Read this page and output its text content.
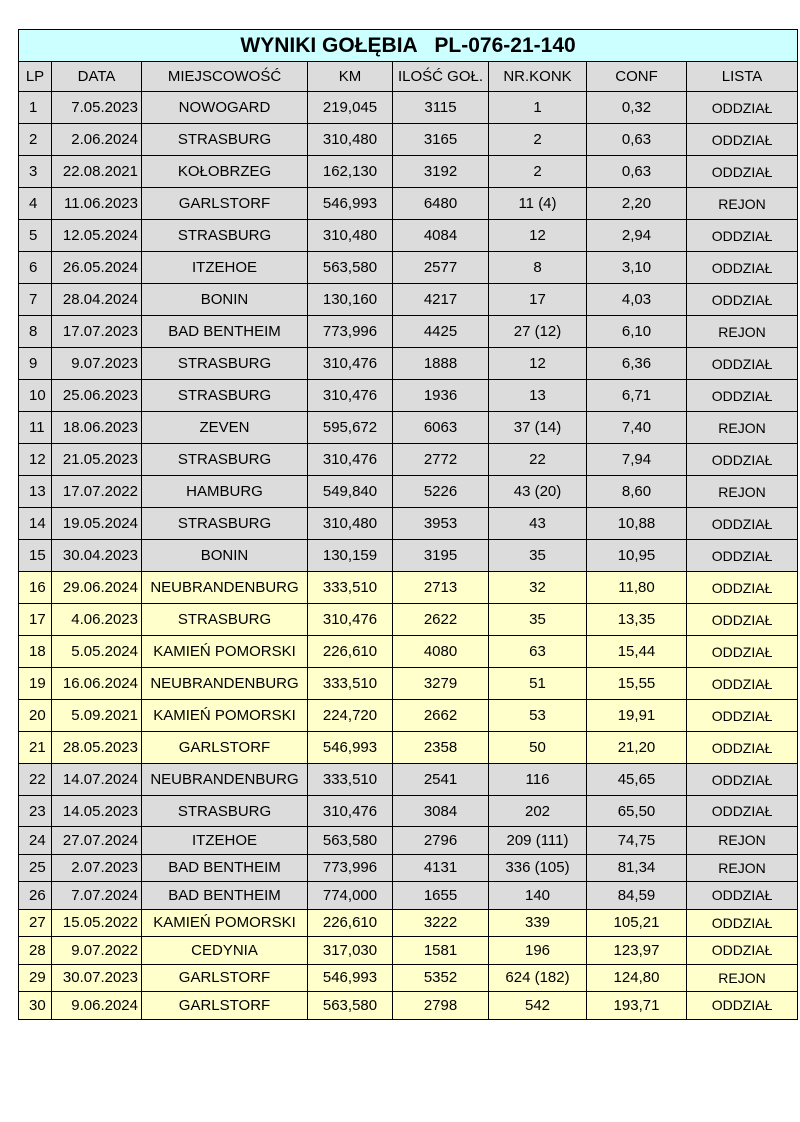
WYNIKI GOŁĘBIA   PL-076-21-140							
LP	DATA	MIEJSCOWOŚĆ	KM	ILOŚĆ GOŁ.	NR.KONK	CONF	LISTA
1	7.05.2023	NOWOGARD	219,045	3115	1	0,32	ODDZIAŁ
2	2.06.2024	STRASBURG	310,480	3165	2	0,63	ODDZIAŁ
3	22.08.2021	KOŁOBRZEG	162,130	3192	2	0,63	ODDZIAŁ
4	11.06.2023	GARLSTORF	546,993	6480	11 (4)	2,20	REJON
5	12.05.2024	STRASBURG	310,480	4084	12	2,94	ODDZIAŁ
6	26.05.2024	ITZEHOE	563,580	2577	8	3,10	ODDZIAŁ
7	28.04.2024	BONIN	130,160	4217	17	4,03	ODDZIAŁ
8	17.07.2023	BAD BENTHEIM	773,996	4425	27 (12)	6,10	REJON
9	9.07.2023	STRASBURG	310,476	1888	12	6,36	ODDZIAŁ
10	25.06.2023	STRASBURG	310,476	1936	13	6,71	ODDZIAŁ
11	18.06.2023	ZEVEN	595,672	6063	37 (14)	7,40	REJON
12	21.05.2023	STRASBURG	310,476	2772	22	7,94	ODDZIAŁ
13	17.07.2022	HAMBURG	549,840	5226	43 (20)	8,60	REJON
14	19.05.2024	STRASBURG	310,480	3953	43	10,88	ODDZIAŁ
15	30.04.2023	BONIN	130,159	3195	35	10,95	ODDZIAŁ
16	29.06.2024	NEUBRANDENBURG	333,510	2713	32	11,80	ODDZIAŁ
17	4.06.2023	STRASBURG	310,476	2622	35	13,35	ODDZIAŁ
18	5.05.2024	KAMIEŃ POMORSKI	226,610	4080	63	15,44	ODDZIAŁ
19	16.06.2024	NEUBRANDENBURG	333,510	3279	51	15,55	ODDZIAŁ
20	5.09.2021	KAMIEŃ POMORSKI	224,720	2662	53	19,91	ODDZIAŁ
21	28.05.2023	GARLSTORF	546,993	2358	50	21,20	ODDZIAŁ
22	14.07.2024	NEUBRANDENBURG	333,510	2541	116	45,65	ODDZIAŁ
23	14.05.2023	STRASBURG	310,476	3084	202	65,50	ODDZIAŁ
24	27.07.2024	ITZEHOE	563,580	2796	209 (111)	74,75	REJON
25	2.07.2023	BAD BENTHEIM	773,996	4131	336 (105)	81,34	REJON
26	7.07.2024	BAD BENTHEIM	774,000	1655	140	84,59	ODDZIAŁ
27	15.05.2022	KAMIEŃ POMORSKI	226,610	3222	339	105,21	ODDZIAŁ
28	9.07.2022	CEDYNIA	317,030	1581	196	123,97	ODDZIAŁ
29	30.07.2023	GARLSTORF	546,993	5352	624 (182)	124,80	REJON
30	9.06.2024	GARLSTORF	563,580	2798	542	193,71	ODDZIAŁ
